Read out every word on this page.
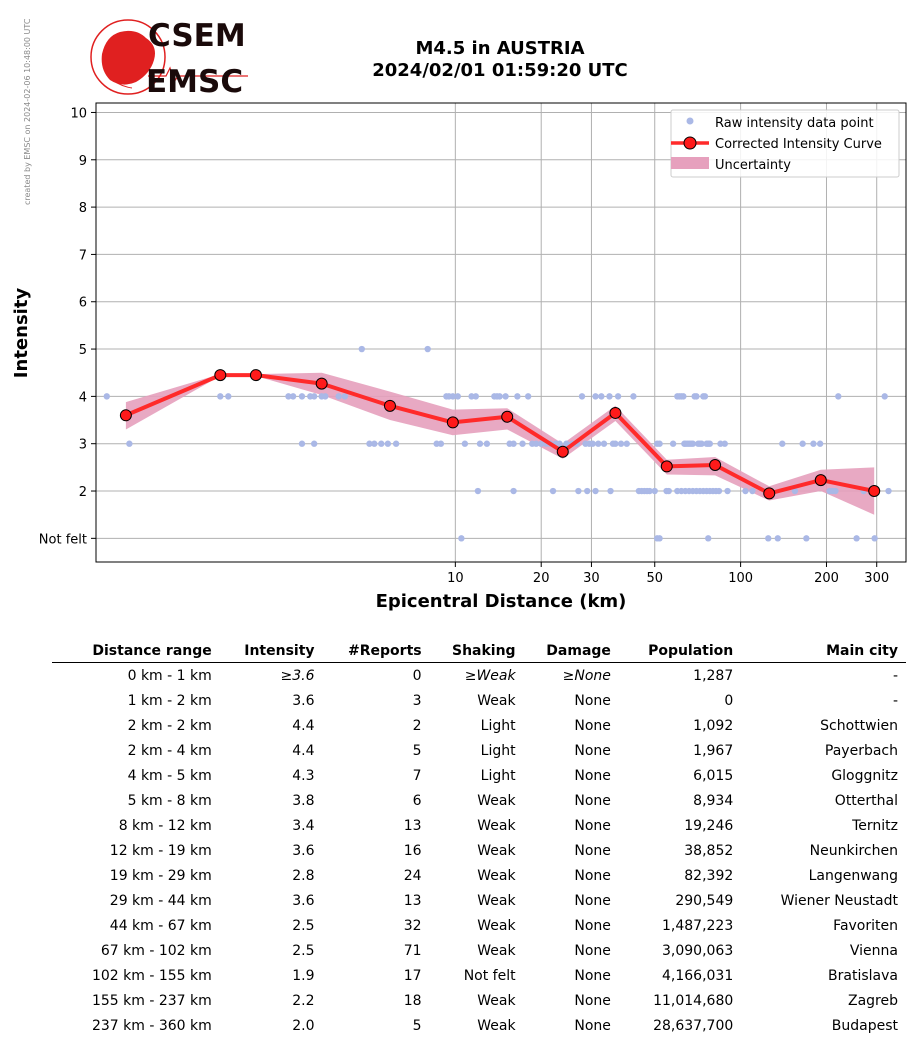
created by EMSC on 2024-02-06 10:48:00 UTC	CSEM
EMSC
M4.5 in AUSTRIA
2024/02/01 01:59:20 UTC
10	20	30	50	100	200 300
Not felt
2
3
4
5
6
7
8
9
10
Epicentral Distance (km)
Intensity
Raw intensity data point
Corrected Intensity Curve
Uncertainty
Distance range	Intensity	#Reports	Shaking	Damage	Population	Main city
0 km - 1 km	≥3.6	0	≥Weak	≥None	1,287	-
1 km - 2 km	3.6	3	Weak	None	0	-
2 km - 2 km	4.4	2	Light	None	1,092	Schottwien
2 km - 4 km	4.4	5	Light	None	1,967	Payerbach
4 km - 5 km	4.3	7	Light	None	6,015	Gloggnitz
5 km - 8 km	3.8	6	Weak	None	8,934	Otterthal
8 km - 12 km	3.4	13	Weak	None	19,246	Ternitz
12 km - 19 km	3.6	16	Weak	None	38,852	Neunkirchen
19 km - 29 km	2.8	24	Weak	None	82,392	Langenwang
29 km - 44 km	3.6	13	Weak	None	290,549	Wiener Neustadt
44 km - 67 km	2.5	32	Weak	None	1,487,223	Favoriten
67 km - 102 km	2.5	71	Weak	None	3,090,063	Vienna
102 km - 155 km	1.9	17	Not felt	None	4,166,031	Bratislava
155 km - 237 km	2.2	18	Weak	None	11,014,680	Zagreb
237 km - 360 km	2.0	5	Weak	None	28,637,700	Budapest
